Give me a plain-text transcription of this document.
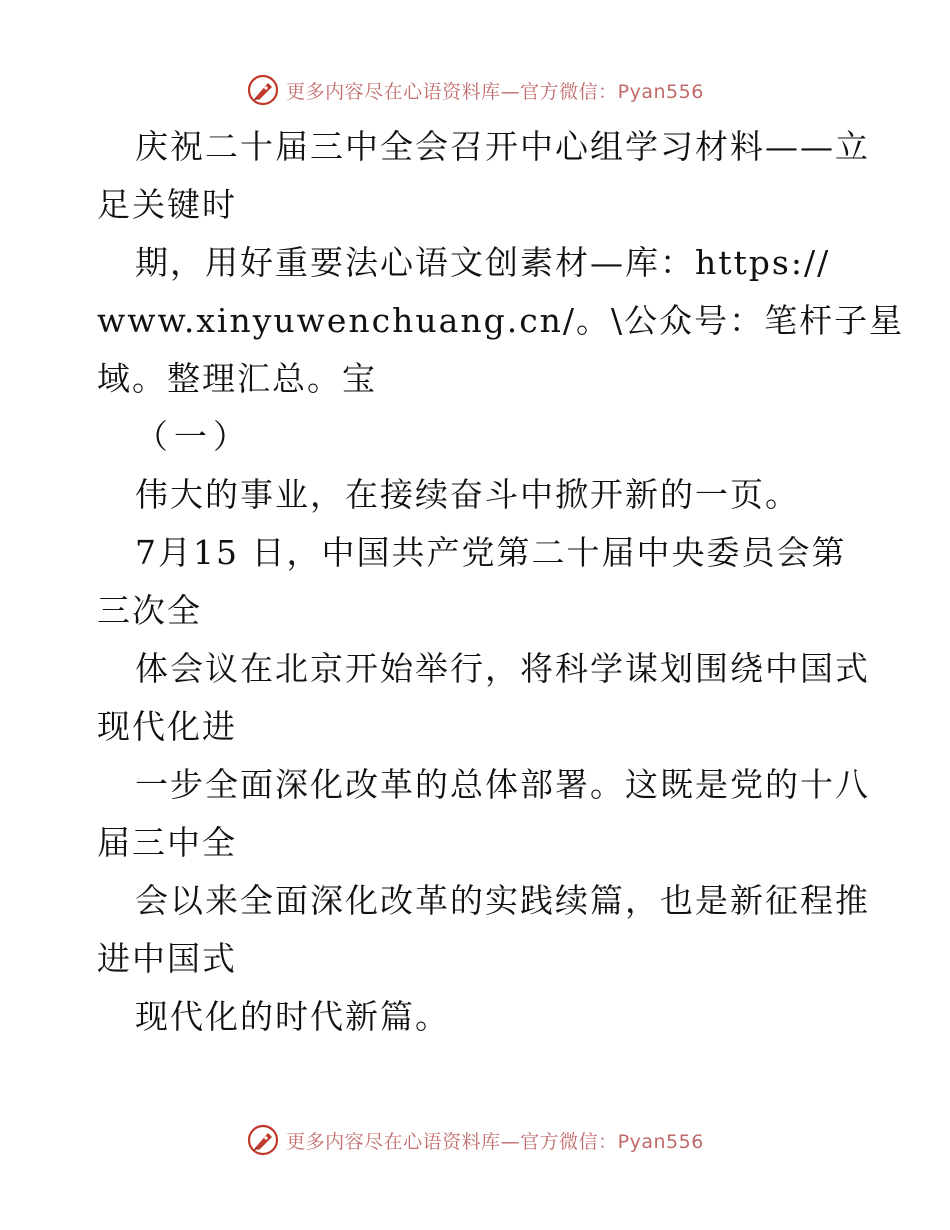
更多内容尽在心语资料库—官方微信：Pyan556
庆祝二十届三中全会召开中心组学习材料——立
足关键时
期，用好重要法心语文创素材—库：https://
www.xinyuwenchuang.cn/。\公众号：笔杆子星
域。整理汇总。宝
（一）
伟大的事业，在接续奋斗中掀开新的一页。
7月15 日，中国共产党第二十届中央委员会第
三次全
体会议在北京开始举行，将科学谋划围绕中国式
现代化进
一步全面深化改革的总体部署。这既是党的十八
届三中全
会以来全面深化改革的实践续篇，也是新征程推
进中国式
现代化的时代新篇。
更多内容尽在心语资料库—官方微信：Pyan556
